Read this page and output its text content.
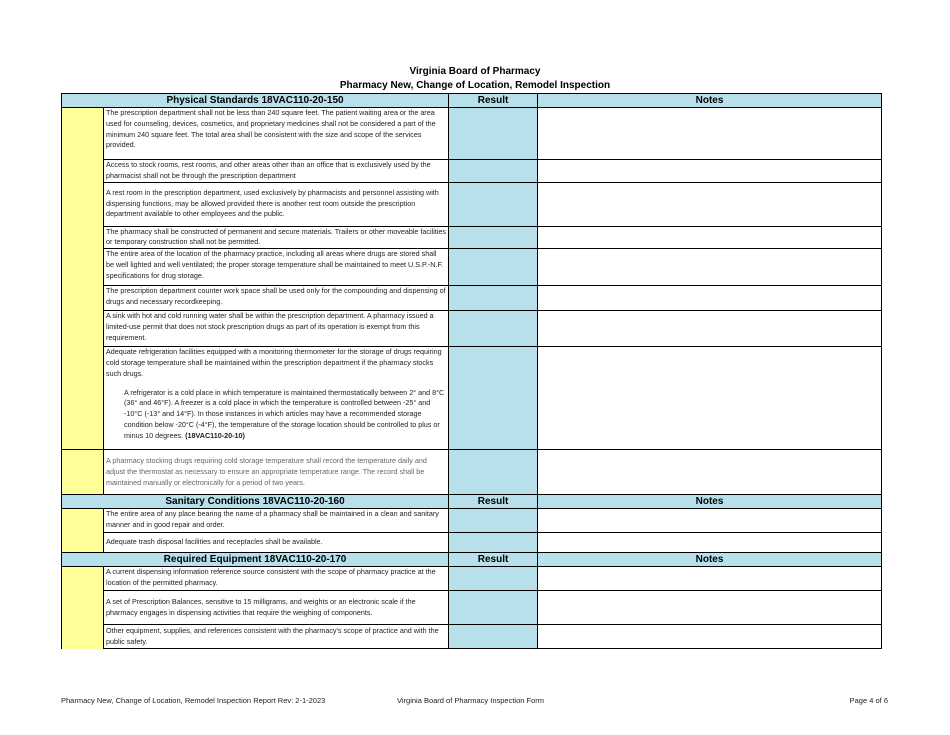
Virginia Board of Pharmacy
Pharmacy New, Change of Location, Remodel Inspection
Physical Standards 18VAC110-20-150		Result	Notes
	The prescription department shall not be less than 240 square feet. The patient waiting area or the area used for counseling, devices, cosmetics, and proprietary medicines shall not be considered a part of the minimum 240 square feet. The total area shall be consistent with the size and scope of the services provided.		
	Access to stock rooms, rest rooms, and other areas other than an office that is exclusively used by the pharmacist shall not be through the prescription department		
	A rest room in the prescription department, used exclusively by pharmacists and personnel assisting with dispensing functions, may be allowed provided there is another rest room outside the prescription department available to other employees and the public.		
	The pharmacy shall be constructed of permanent and secure materials. Trailers or other moveable facilities or temporary construction shall not be permitted.		
	The entire area of the location of the pharmacy practice, including all areas where drugs are stored shall be well lighted and well ventilated; the proper storage temperature shall be maintained to meet U.S.P.-N.F. specifications for drug storage.		
	The prescription department counter work space shall be used only for the compounding and dispensing of drugs and necessary recordkeeping.		
	A sink with hot and cold running water shall be within the prescription department. A pharmacy issued a limited-use permit that does not stock prescription drugs as part of its operation is exempt from this requirement.		

	Adequate refrigeration facilities equipped with a monitoring thermometer for the storage of drugs requiring cold storage temperature shall be maintained within the prescription department if the pharmacy stocks such drugs.
A refrigerator is a cold place in which temperature is maintained thermostatically between 2° and 8°C (36° and 46°F). A freezer is a cold place in which the temperature is controlled between -25° and -10°C (-13° and 14°F). In those instances in which articles may have a recommended storage condition below -20°C (-4°F), the temperature of the storage location should be controlled to plus or minus 10 degrees. (18VAC110-20-10)		

	A pharmacy stocking drugs requiring cold storage temperature shall record the temperature daily and adjust the thermostat as necessary to ensure an appropriate temperature range. The record shall be maintained manually or electronically for a period of two years.		
Sanitary Conditions 18VAC110-20-160		Result	Notes
	The entire area of any place bearing the name of a pharmacy shall be maintained in a clean and sanitary manner and in good repair and order.		
	Adequate trash disposal facilities and receptacles shall be available.		
Required Equipment 18VAC110-20-170		Result	Notes
	A current dispensing information reference source consistent with the scope of pharmacy practice at the location of the permitted pharmacy.		
	A set of Prescription Balances, sensitive to 15 milligrams, and weights or an electronic scale if the pharmacy engages in dispensing activities that require the weighing of components.		
	Other equipment, supplies, and references consistent with the pharmacy's scope of practice and with the public safety.		
Pharmacy New, Change of Location, Remodel Inspection Report Rev: 2-1-2023	Virginia Board of Pharmacy Inspection Form	Page 4 of 6
